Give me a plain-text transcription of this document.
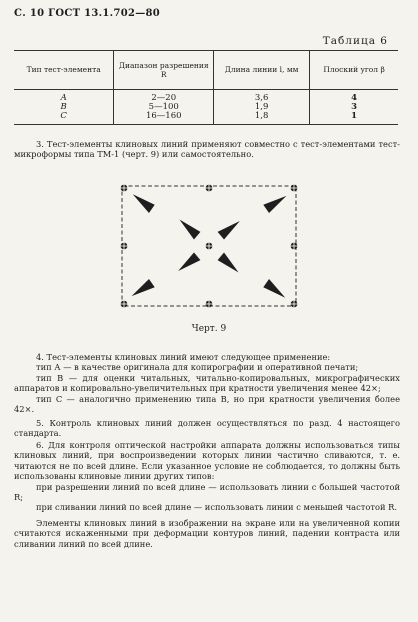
С. 10 ГОСТ 13.1.702—80
Таблица 6
Тип тест-элемента	Диапазон разрешения R	Длина линии l, мм	Плоский угол β
А	2—20	3,6	4
В	5—100	1,9	3
С	16—160	1,8	1

3. Тест-элементы клиновых линий применяют совместно с тест-элементами тест-микроформы типа ТМ-1 (черт. 9) или самостоятельно.

Черт. 9

4. Тест-элементы клиновых линий имеют следующее применение:
тип А — в качестве оригинала для копирографии и оперативной печати;
тип В — для оценки читальных, читально-копировальных, микрографических аппаратов и копировально-увеличительных при кратности увеличения менее 42×;
тип С — аналогично применению типа В, но при кратности увеличения более 42×.

5. Контроль клиновых линий должен осуществляться по разд. 4 настоящего стандарта.

6. Для контроля оптической настройки аппарата должны использоваться типы клиновых линий, при воспроизведении которых линии частично сливаются, т. е. читаются не по всей длине. Если указанное условие не соблюдается, то должны быть использованы клиновые линии других типов:
при разрешении линий по всей длине — использовать линии с большей частотой R;
при сливании линий по всей длине — использовать линии с меньшей частотой R.

Элементы клиновых линий в изображении на экране или на увеличенной копии считаются искаженными при деформации контуров линий, падении контраста или сливании линий по всей длине.
